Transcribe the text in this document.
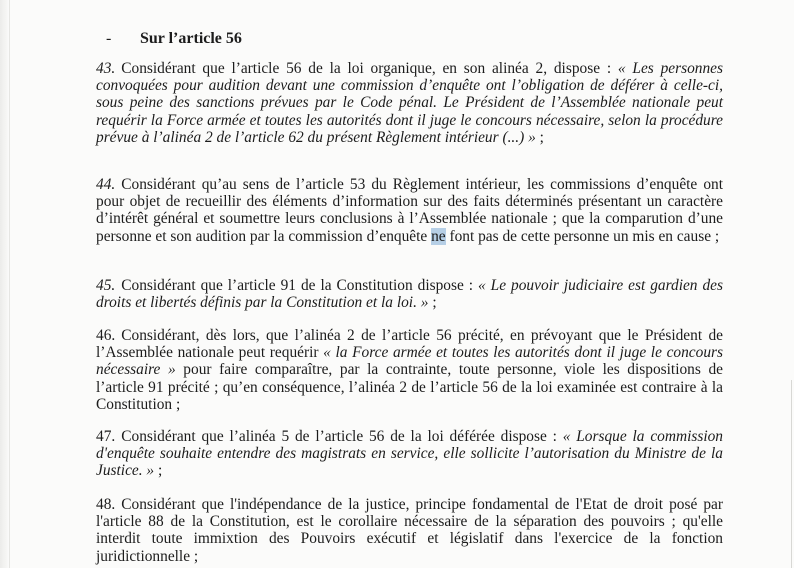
- Sur l’article 56

43. Considérant que l’article 56 de la loi organique, en son alinéa 2, dispose : « Les personnes convoquées pour audition devant une commission d’enquête ont l’obligation de déférer à celle-ci, sous peine des sanctions prévues par le Code pénal. Le Président de l’Assemblée nationale peut requérir la Force armée et toutes les autorités dont il juge le concours nécessaire, selon la procédure prévue à l’alinéa 2 de l’article 62 du présent Règlement intérieur (...) » ;

44. Considérant qu’au sens de l’article 53 du Règlement intérieur, les commissions d’enquête ont pour objet de recueillir des éléments d’information sur des faits déterminés présentant un caractère d’intérêt général et soumettre leurs conclusions à l’Assemblée nationale ; que la comparution d’une personne et son audition par la commission d’enquête ne font pas de cette personne un mis en cause ;

45. Considérant que l’article 91 de la Constitution dispose : « Le pouvoir judiciaire est gardien des droits et libertés définis par la Constitution et la loi. » ;

46. Considérant, dès lors, que l’alinéa 2 de l’article 56 précité, en prévoyant que le Président de l’Assemblée nationale peut requérir « la Force armée et toutes les autorités dont il juge le concours nécessaire » pour faire comparaître, par la contrainte, toute personne, viole les dispositions de l’article 91 précité ; qu’en conséquence, l’alinéa 2 de l’article 56 de la loi examinée est contraire à la Constitution ;

47. Considérant que l’alinéa 5 de l’article 56 de la loi déférée dispose : « Lorsque la commission d'enquête souhaite entendre des magistrats en service, elle sollicite l’autorisation du Ministre de la Justice. » ;

48. Considérant que l'indépendance de la justice, principe fondamental de l'Etat de droit posé par l'article 88 de la Constitution, est le corollaire nécessaire de la séparation des pouvoirs ; qu'elle interdit toute immixtion des Pouvoirs exécutif et législatif dans l'exercice de la fonction juridictionnelle ;
